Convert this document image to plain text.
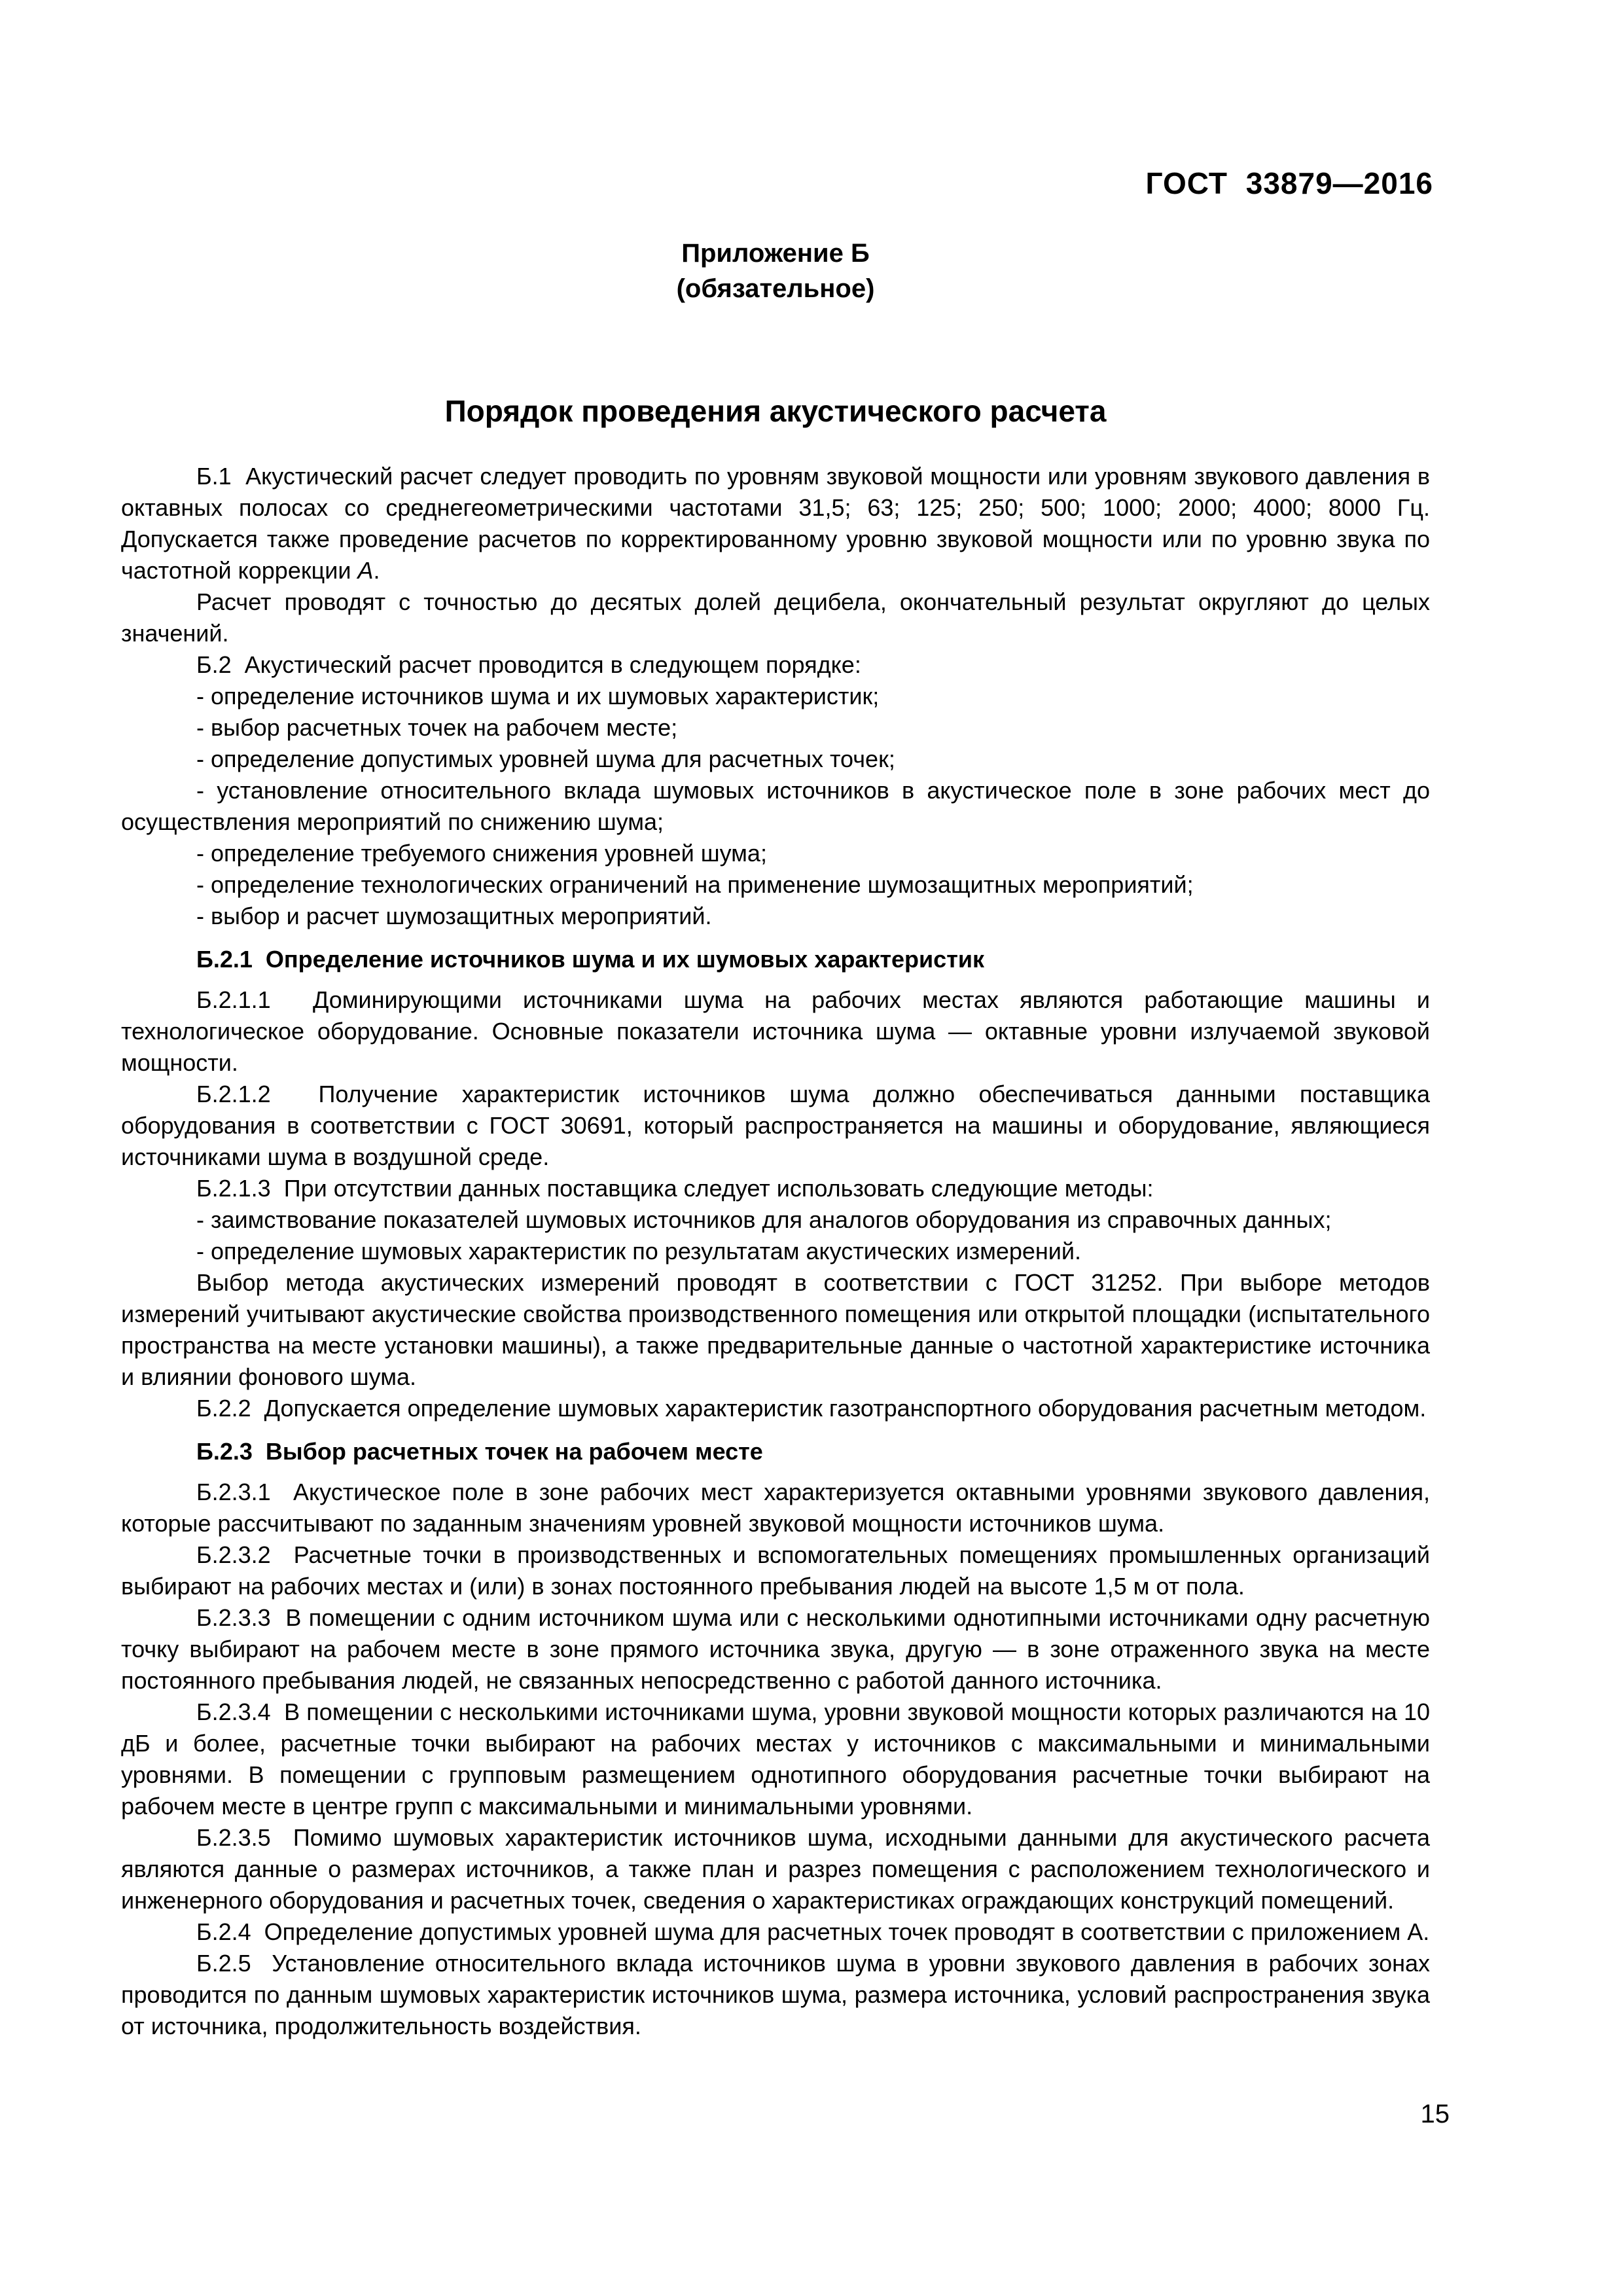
ГОСТ 33879—2016
Приложение Б
(обязательное)
Порядок проведения акустического расчета

Б.1  Акустический расчет следует проводить по уровням звуковой мощности или уровням звукового давления в октавных полосах со среднегеометрическими частотами 31,5; 63; 125; 250; 500; 1000; 2000; 4000; 8000 Гц. Допускается также проведение расчетов по корректированному уровню звуковой мощности или по уровню звука по частотной коррекции А.

Расчет проводят с точностью до десятых долей децибела, окончательный результат округляют до целых значений.

Б.2  Акустический расчет проводится в следующем порядке:

- определение источников шума и их шумовых характеристик;

- выбор расчетных точек на рабочем месте;

- определение допустимых уровней шума для расчетных точек;

- установление относительного вклада шумовых источников в акустическое поле в зоне рабочих мест до осуществления мероприятий по снижению шума;

- определение требуемого снижения уровней шума;

- определение технологических ограничений на применение шумозащитных мероприятий;

- выбор и расчет шумозащитных мероприятий.

Б.2.1  Определение источников шума и их шумовых характеристик

Б.2.1.1  Доминирующими источниками шума на рабочих местах являются работающие машины и технологическое оборудование. Основные показатели источника шума — октавные уровни излучаемой звуковой мощности.

Б.2.1.2  Получение характеристик источников шума должно обеспечиваться данными поставщика оборудования в соответствии с ГОСТ 30691, который распространяется на машины и оборудование, являющиеся источниками шума в воздушной среде.

Б.2.1.3  При отсутствии данных поставщика следует использовать следующие методы:

- заимствование показателей шумовых источников для аналогов оборудования из справочных данных;

- определение шумовых характеристик по результатам акустических измерений.

Выбор метода акустических измерений проводят в соответствии с ГОСТ 31252. При выборе методов измерений учитывают акустические свойства производственного помещения или открытой площадки (испытательного пространства на месте установки машины), а также предварительные данные о частотной характеристике источника и влиянии фонового шума.

Б.2.2  Допускается определение шумовых характеристик газотранспортного оборудования расчетным методом.

Б.2.3  Выбор расчетных точек на рабочем месте

Б.2.3.1  Акустическое поле в зоне рабочих мест характеризуется октавными уровнями звукового давления, которые рассчитывают по заданным значениям уровней звуковой мощности источников шума.

Б.2.3.2  Расчетные точки в производственных и вспомогательных помещениях промышленных организаций выбирают на рабочих местах и (или) в зонах постоянного пребывания людей на высоте 1,5 м от пола.

Б.2.3.3  В помещении с одним источником шума или с несколькими однотипными источниками одну расчетную точку выбирают на рабочем месте в зоне прямого источника звука, другую — в зоне отраженного звука на месте постоянного пребывания людей, не связанных непосредственно с работой данного источника.

Б.2.3.4  В помещении с несколькими источниками шума, уровни звуковой мощности которых различаются на 10 дБ и более, расчетные точки выбирают на рабочих местах у источников с максимальными и минимальными уровнями. В помещении с групповым размещением однотипного оборудования расчетные точки выбирают на рабочем месте в центре групп с максимальными и минимальными уровнями.

Б.2.3.5  Помимо шумовых характеристик источников шума, исходными данными для акустического расчета являются данные о размерах источников, а также план и разрез помещения с расположением технологического и инженерного оборудования и расчетных точек, сведения о характеристиках ограждающих конструкций помещений.

Б.2.4  Определение допустимых уровней шума для расчетных точек проводят в соответствии с приложением А.

Б.2.5  Установление относительного вклада источников шума в уровни звукового давления в рабочих зонах проводится по данным шумовых характеристик источников шума, размера источника, условий распространения звука от источника, продолжительность воздействия.

15
